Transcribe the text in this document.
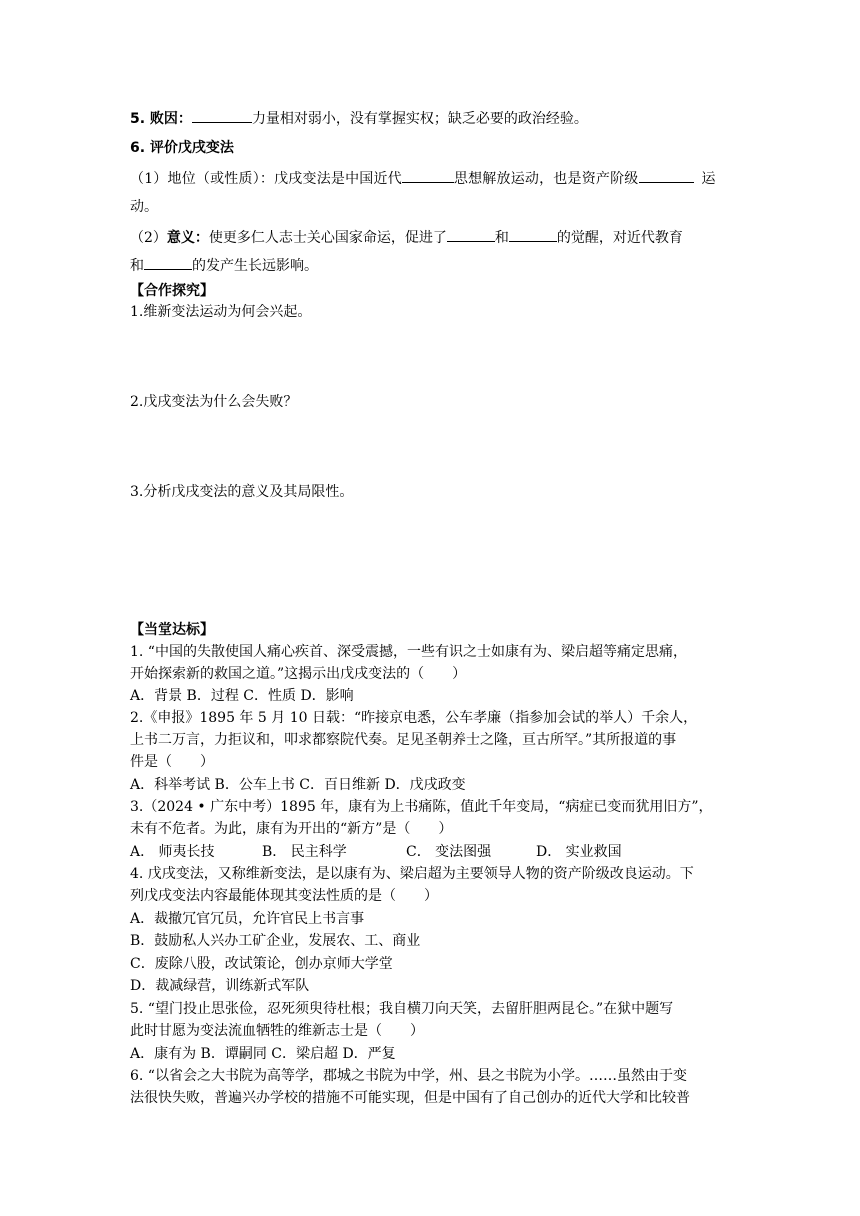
5. 败因：	力量相对弱小，没有掌握实权；缺乏必要的政治经验。

6. 评价戊戌变法

（1）地位（或性质）：戊戌变法是中国近代	思想解放运动，也是资产阶级	运

动。

（2）意义：使更多仁人志士关心国家命运，促进了	和	的觉醒，对近代教育

和	的发产生长远影响。

【合作探究】

1.维新变法运动为何会兴起。

2.戊戌变法为什么会失败？

3.分析戊戌变法的意义及其局限性。

【当堂达标】

1. “中国的失散使国人痛心疾首、深受震撼，一些有识之士如康有为、梁启超等痛定思痛，

开始探索新的救国之道。”这揭示出戊戌变法的（　　）

A．背景 B．过程 C．性质 D．影响

2.《申报》1895 年 5 月 10 日载：“昨接京电悉，公车孝廉（指参加会试的举人）千余人，

上书二万言，力拒议和，叩求都察院代奏。足见圣朝养士之隆，亘古所罕。”其所报道的事

件是（　　）

A．科举考试 B．公车上书 C．百日维新 D．戊戌政变

3.（2024 • 广东中考）1895 年，康有为上书痛陈，值此千年变局，“病症已变而犹用旧方”，

未有不危者。为此，康有为开出的“新方”是（　　）

A． 师夷长技	B． 民主科学	C． 变法图强	D． 实业救国

4. 戊戌变法，又称维新变法，是以康有为、梁启超为主要领导人物的资产阶级改良运动。下

列戊戌变法内容最能体现其变法性质的是（　　）

A．裁撤冗官冗员，允许官民上书言事

B．鼓励私人兴办工矿企业，发展农、工、商业

C．废除八股，改试策论，创办京师大学堂

D．裁减绿营，训练新式军队

5. “望门投止思张俭，忍死须臾待杜根；我自横刀向天笑，去留肝胆两昆仑。”在狱中题写

此时甘愿为变法流血牺牲的维新志士是（　　）

A．康有为 B．谭嗣同 C．梁启超 D．严复

6. “以省会之大书院为高等学，郡城之书院为中学，州、县之书院为小学。……虽然由于变

法很快失败，普遍兴办学校的措施不可能实现，但是中国有了自己创办的近代大学和比较普
